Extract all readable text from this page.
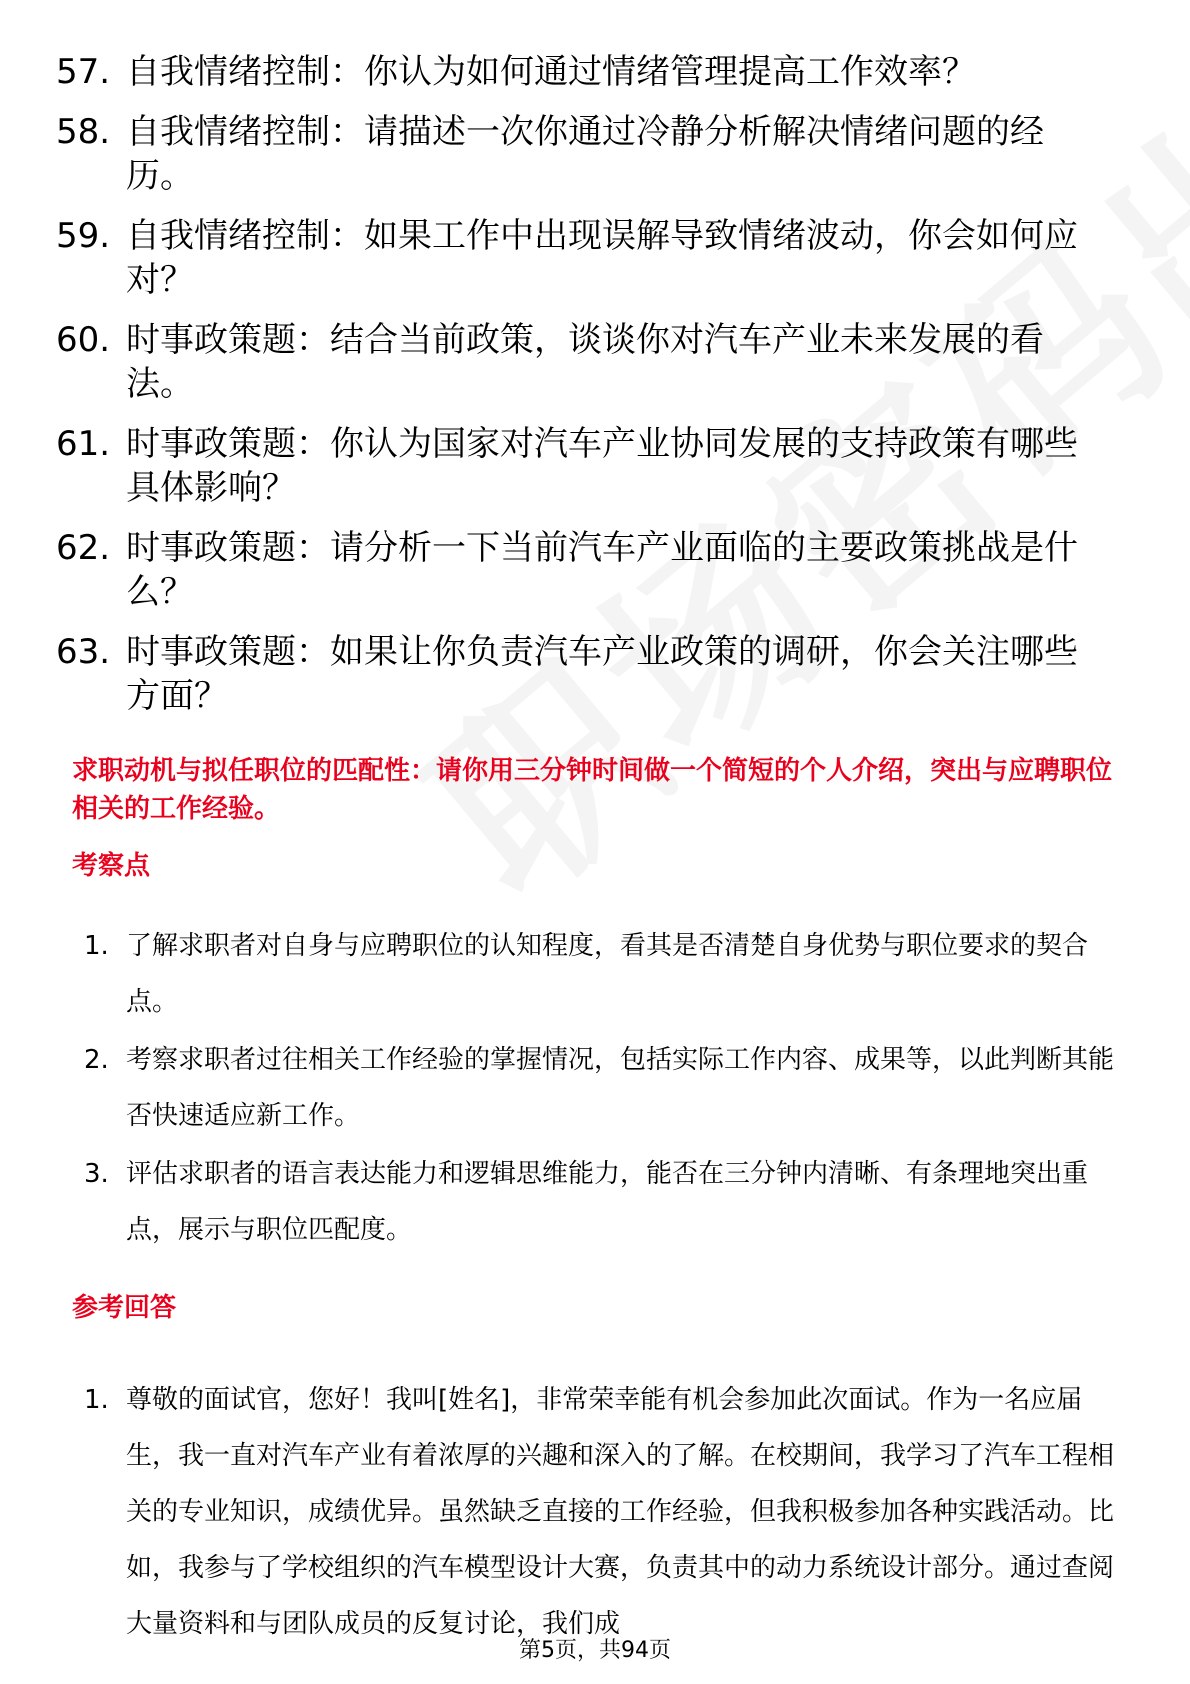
57. 自我情绪控制：你认为如何通过情绪管理提高工作效率？
58. 自我情绪控制：请描述一次你通过冷静分析解决情绪问题的经历。
59. 自我情绪控制：如果工作中出现误解导致情绪波动，你会如何应对？
60. 时事政策题：结合当前政策，谈谈你对汽车产业未来发展的看法。
61. 时事政策题：你认为国家对汽车产业协同发展的支持政策有哪些具体影响？
62. 时事政策题：请分析一下当前汽车产业面临的主要政策挑战是什么？
63. 时事政策题：如果让你负责汽车产业政策的调研，你会关注哪些方面？
求职动机与拟任职位的匹配性：请你用三分钟时间做一个简短的个人介绍，突出与应聘职位相关的工作经验。
考察点
1. 了解求职者对自身与应聘职位的认知程度，看其是否清楚自身优势与职位要求的契合点。
2. 考察求职者过往相关工作经验的掌握情况，包括实际工作内容、成果等，以此判断其能否快速适应新工作。
3. 评估求职者的语言表达能力和逻辑思维能力，能否在三分钟内清晰、有条理地突出重点，展示与职位匹配度。
参考回答
1. 尊敬的面试官，您好！我叫[姓名]，非常荣幸能有机会参加此次面试。作为一名应届生，我一直对汽车产业有着浓厚的兴趣和深入的了解。在校期间，我学习了汽车工程相关的专业知识，成绩优异。虽然缺乏直接的工作经验，但我积极参加各种实践活动。比如，我参与了学校组织的汽车模型设计大赛，负责其中的动力系统设计部分。通过查阅大量资料和与团队成员的反复讨论，我们成
第5页，共94页
